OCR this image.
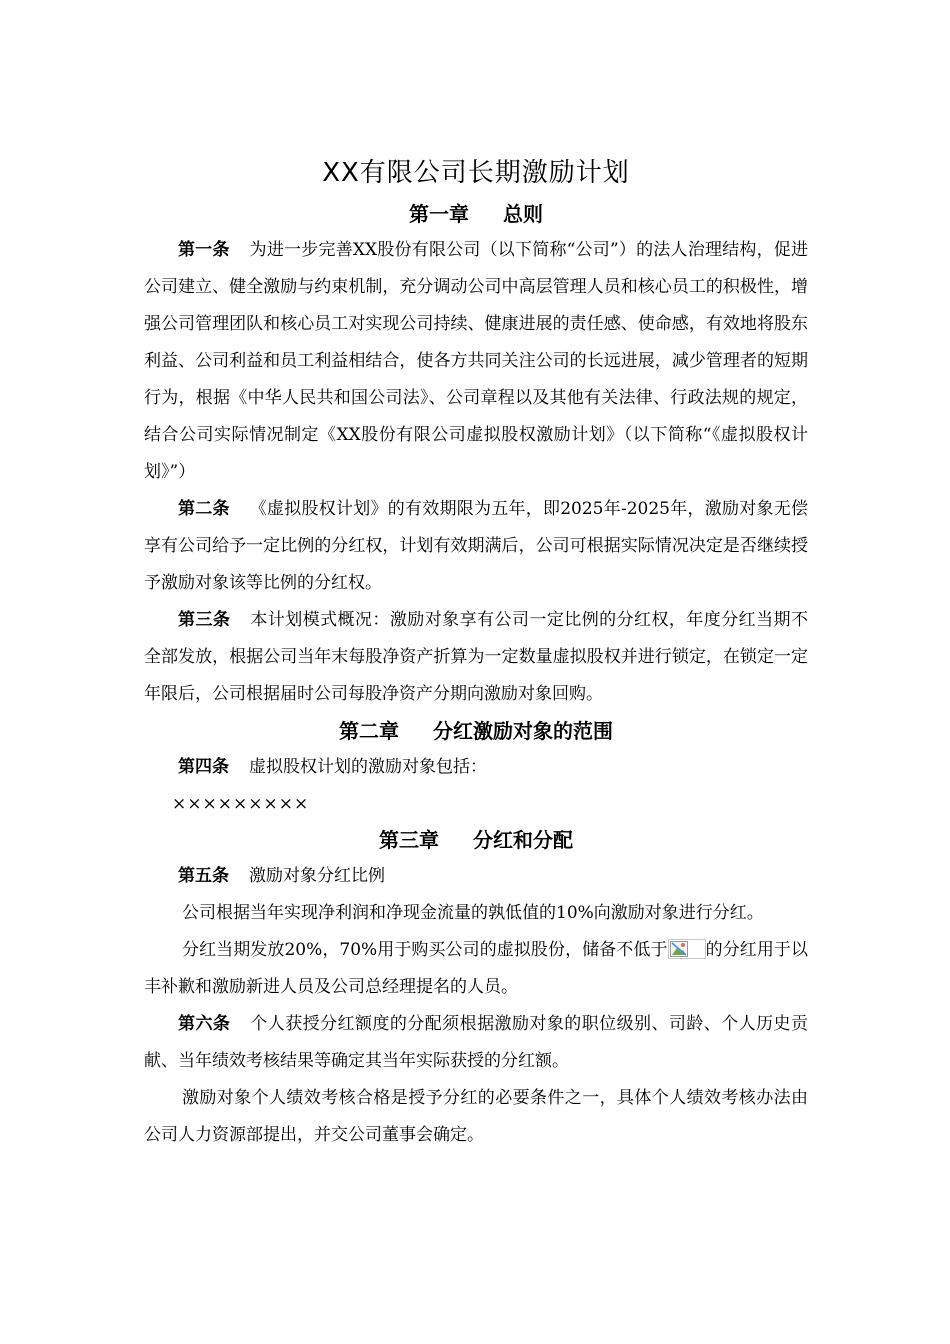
XX有限公司长期激励计划
第一章 总则

第一条 为进一步完善XX股份有限公司（以下简称“公司”）的法人治理结构，促进公司建立、健全激励与约束机制，充分调动公司中高层管理人员和核心员工的积极性，增强公司管理团队和核心员工对实现公司持续、健康进展的责任感、使命感，有效地将股东利益、公司利益和员工利益相结合，使各方共同关注公司的长远进展，减少管理者的短期行为，根据《中华人民共和国公司法》、公司章程以及其他有关法律、行政法规的规定，结合公司实际情况制定《XX股份有限公司虚拟股权激励计划》（以下简称“《虚拟股权计划》”）

第二条 《虚拟股权计划》的有效期限为五年，即2025年-2025年，激励对象无偿享有公司给予一定比例的分红权，计划有效期满后，公司可根据实际情况决定是否继续授予激励对象该等比例的分红权。

第三条 本计划模式概况：激励对象享有公司一定比例的分红权，年度分红当期不全部发放，根据公司当年末每股净资产折算为一定数量虚拟股权并进行锁定，在锁定一定年限后，公司根据届时公司每股净资产分期向激励对象回购。

第二章 分红激励对象的范围

第四条 虚拟股权计划的激励对象包括：

×××××××××

第三章 分红和分配

第五条 激励对象分红比例

公司根据当年实现净利润和净现金流量的孰低值的10%向激励对象进行分红。

分红当期发放20%，70%用于购买公司的虚拟股份，储备不低于 的分红用于以丰补歉和激励新进人员及公司总经理提名的人员。

第六条 个人获授分红额度的分配须根据激励对象的职位级别、司龄、个人历史贡献、当年绩效考核结果等确定其当年实际获授的分红额。

激励对象个人绩效考核合格是授予分红的必要条件之一，具体个人绩效考核办法由公司人力资源部提出，并交公司董事会确定。
